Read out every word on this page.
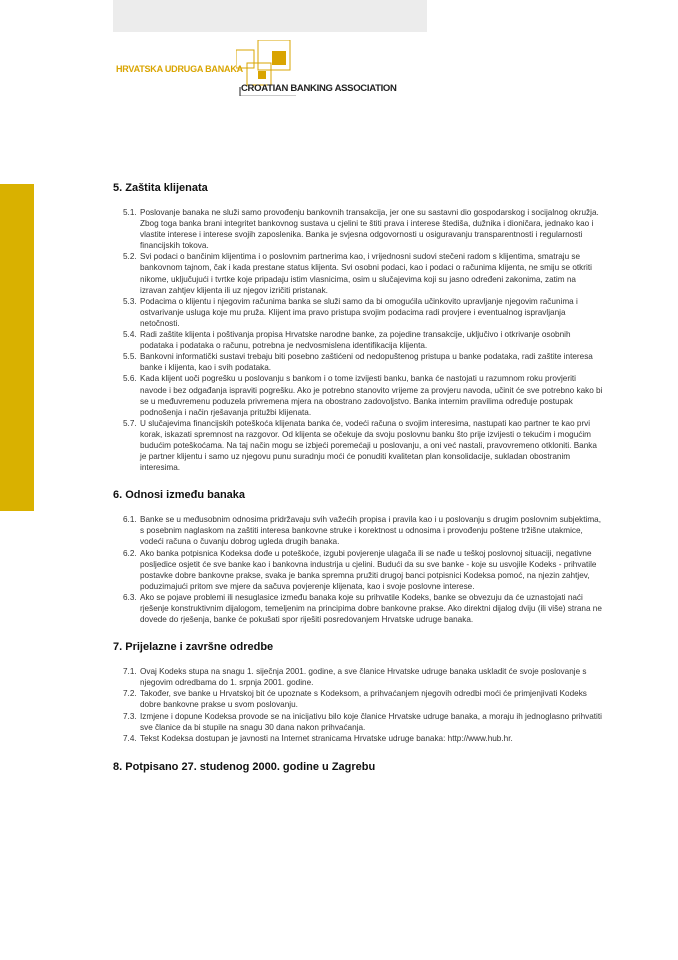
HRVATSKA UDRUGA BANAKA
CROATIAN BANKING ASSOCIATION
5. Zaštita klijenata
5.1. Poslovanje banaka ne služi samo provođenju bankovnih transakcija, jer one su sastavni dio gospodarskog i socijalnog okružja. Zbog toga banka brani integritet bankovnog sustava u cjelini te štiti prava i interese štediša, dužnika i dioničara, jednako kao i vlastite interese i interese svojih zaposlenika. Banka je svjesna odgovornosti u osiguravanju transparentnosti i regularnosti financijskih tokova.
5.2. Svi podaci o bančinim klijentima i o poslovnim partnerima kao, i vrijednosni sudovi stečeni radom s klijentima, smatraju se bankovnom tajnom, čak i kada prestane status klijenta. Svi osobni podaci, kao i podaci o računima klijenta, ne smiju se otkriti nikome, uključujući i tvrtke koje pripadaju istim vlasnicima, osim u slučajevima koji su jasno određeni zakonima, zatim na izravan zahtjev klijenta ili uz njegov izričiti pristanak.
5.3. Podacima o klijentu i njegovim računima banka se služi samo da bi omogućila učinkovito upravljanje njegovim računima i ostvarivanje usluga koje mu pruža. Klijent ima pravo pristupa svojim podacima radi provjere i eventualnog ispravljanja netočnosti.
5.4. Radi zaštite klijenta i poštivanja propisa Hrvatske narodne banke, za pojedine transakcije, uključivo i otkrivanje osobnih podataka i podataka o računu, potrebna je nedvosmislena identifikacija klijenta.
5.5. Bankovni informatički sustavi trebaju biti posebno zaštićeni od nedopuštenog pristupa u banke podataka, radi zaštite interesa banke i klijenta, kao i svih podataka.
5.6. Kada klijent uoči pogrešku u poslovanju s bankom i o tome izvijesti banku, banka će nastojati u razumnom roku provjeriti navode i bez odgađanja ispraviti pogrešku. Ako je potrebno stanovito vrijeme za provjeru navoda, učinit će sve potrebno kako bi se u međuvremenu poduzela privremena mjera na obostrano zadovoljstvo. Banka internim pravilima određuje postupak podnošenja i način rješavanja pritužbi klijenata.
5.7. U slučajevima financijskih poteškoća klijenata banka će, vodeći računa o svojim interesima, nastupati kao partner te kao prvi korak, iskazati spremnost na razgovor. Od klijenta se očekuje da svoju poslovnu banku što prije izvijesti o tekućim i mogućim budućim poteškoćama. Na taj način mogu se izbjeći poremećaji u poslovanju, a oni već nastali, pravovremeno otkloniti. Banka je partner klijentu i samo uz njegovu punu suradnju moći će ponuditi kvalitetan plan konsolidacije, sukladan obostranim interesima.
6. Odnosi između banaka
6.1. Banke se u međusobnim odnosima pridržavaju svih važećih propisa i pravila kao i u poslovanju s drugim poslovnim subjektima, s posebnim naglaskom na zaštiti interesa bankovne struke i korektnost u odnosima i provođenju poštene tržišne utakmice, vodeći računa o čuvanju dobrog ugleda drugih banaka.
6.2. Ako banka potpisnica Kodeksa dođe u poteškoće, izgubi povjerenje ulagača ili se nađe u teškoj poslovnoj situaciji, negativne posljedice osjetit će sve banke kao i bankovna industrija u cjelini. Budući da su sve banke - koje su usvojile Kodeks - prihvatile postavke dobre bankovne prakse, svaka je banka spremna pružiti drugoj banci potpisnici Kodeksa pomoć, na njezin zahtjev, poduzimajući pritom sve mjere da sačuva povjerenje klijenata, kao i svoje poslovne interese.
6.3. Ako se pojave problemi ili nesuglasice između banaka koje su prihvatile Kodeks, banke se obvezuju da će uznastojati naći rješenje konstruktivnim dijalogom, temeljenim na principima dobre bankovne prakse. Ako direktni dijalog dviju (ili više) strana ne dovede do rješenja, banke će pokušati spor riješiti posredovanjem Hrvatske udruge banaka.
7. Prijelazne i završne odredbe
7.1. Ovaj Kodeks stupa na snagu 1. siječnja 2001. godine, a sve članice Hrvatske udruge banaka uskladit će svoje poslovanje s njegovim odredbama do 1. srpnja 2001. godine.
7.2. Također, sve banke u Hrvatskoj bit će upoznate s Kodeksom, a prihvaćanjem njegovih odredbi moći će primjenjivati Kodeks dobre bankovne prakse u svom poslovanju.
7.3. Izmjene i dopune Kodeksa provode se na inicijativu bilo koje članice Hrvatske udruge banaka, a moraju ih jednoglasno prihvatiti sve članice da bi stupile na snagu 30 dana nakon prihvaćanja.
7.4. Tekst Kodeksa dostupan je javnosti na Internet stranicama Hrvatske udruge banaka: http://www.hub.hr.
8. Potpisano 27. studenog 2000. godine u Zagrebu
